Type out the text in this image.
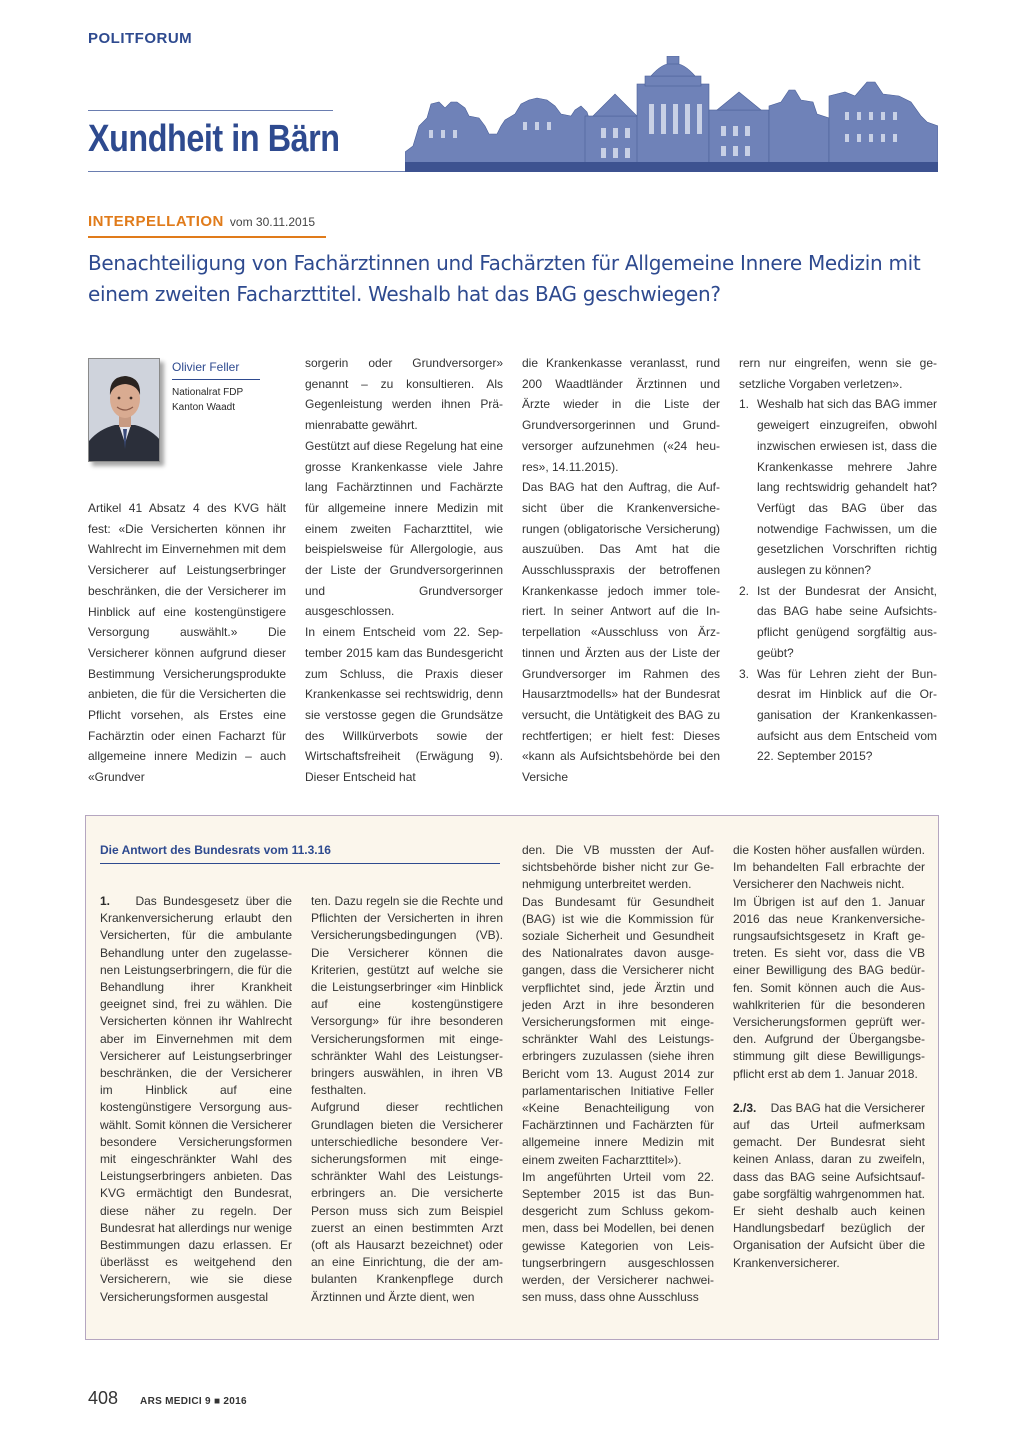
POLITFORUM
Xundheit in Bärn
INTERPELLATION vom 30.11.2015
Benachteiligung von Fachärztinnen und Fachärzten für Allgemeine Innere Medizin mit einem zweiten Facharzttitel. Weshalb hat das BAG geschwiegen?
Olivier Feller
Nationalrat FDP
Kanton Waadt

Artikel 41 Absatz 4 des KVG hält fest: «Die Versicherten können ihr Wahlrecht im Einvernehmen mit dem Versicherer auf Leistungserbringer beschränken, die der Versicherer im Hinblick auf eine kostengünstigere Versorgung auswählt.» Die Versicherer können aufgrund dieser Bestimmung Versicherungsprodukte anbieten, die für die Versicherten die Pflicht vorsehen, als Erstes eine Fachärztin oder einen Facharzt für allgemeine innere Medizin – auch «Grundver

sorgerin oder Grundversorger» genannt – zu konsultieren. Als Gegenleistung werden ihnen Prämienrabatte gewährt.

Gestützt auf diese Regelung hat eine grosse Krankenkasse viele Jahre lang Fachärztinnen und Fachärzte für allgemeine innere Medizin mit einem zweiten Facharzttitel, wie beispielsweise für Allergologie, aus der Liste der Grundversorgerinnen und Grundversorger ausgeschlossen.

In einem Entscheid vom 22. September 2015 kam das Bundesgericht zum Schluss, die Praxis dieser Krankenkasse sei rechtswidrig, denn sie verstosse gegen die Grundsätze des Willkürverbots sowie der Wirtschaftsfreiheit (Erwägung 9). Dieser Entscheid hat

die Krankenkasse veranlasst, rund 200 Waadtländer Ärztinnen und Ärzte wieder in die Liste der Grundversorgerinnen und Grundversorger aufzunehmen («24 heures», 14.11.2015).

Das BAG hat den Auftrag, die Aufsicht über die Krankenversicherungen (obligatorische Versicherung) auszuüben. Das Amt hat die Ausschlusspraxis der betroffenen Krankenkasse jedoch immer toleriert. In seiner Antwort auf die Interpellation «Ausschluss von Ärztinnen und Ärzten aus der Liste der Grundversorger im Rahmen des Hausarztmodells» hat der Bundesrat versucht, die Untätigkeit des BAG zu rechtfertigen; er hielt fest: Dieses «kann als Aufsichtsbehörde bei den Versiche

rern nur eingreifen, wenn sie gesetzliche Vorgaben verletzen».

1. Weshalb hat sich das BAG immer geweigert einzugreifen, obwohl inzwischen erwiesen ist, dass die Krankenkasse mehrere Jahre lang rechtswidrig gehandelt hat? Verfügt das BAG über das notwendige Fachwissen, um die gesetzlichen Vorschriften richtig auslegen zu können?
2. Ist der Bundesrat der Ansicht, das BAG habe seine Aufsichtspflicht genügend sorgfältig ausgeübt?
3. Was für Lehren zieht der Bundesrat im Hinblick auf die Organisation der Krankenkassenaufsicht aus dem Entscheid vom 22. September 2015?
Die Antwort des Bundesrats vom 11.3.16

1. Das Bundesgesetz über die Krankenversicherung erlaubt den Versicherten, für die ambulante Behandlung unter den zugelassenen Leistungserbringern, die für die Behandlung ihrer Krankheit geeignet sind, frei zu wählen. Die Versicherten können ihr Wahlrecht aber im Einvernehmen mit dem Versicherer auf Leistungserbringer beschränken, die der Versicherer im Hinblick auf eine kostengünstigere Versorgung auswählt. Somit können die Versicherer besondere Versicherungsformen mit eingeschränkter Wahl des Leistungserbringers anbieten. Das KVG ermächtigt den Bundesrat, diese näher zu regeln. Der Bundesrat hat allerdings nur wenige Bestimmungen dazu erlassen. Er überlässt es weitgehend den Versicherern, wie sie diese Versicherungsformen ausgestal

ten. Dazu regeln sie die Rechte und Pflichten der Versicherten in ihren Versicherungsbedingungen (VB). Die Versicherer können die Kriterien, gestützt auf welche sie die Leistungserbringer «im Hinblick auf eine kostengünstigere Versorgung» für ihre besonderen Versicherungsformen mit eingeschränkter Wahl des Leistungserbringers auswählen, in ihren VB festhalten.

Aufgrund dieser rechtlichen Grundlagen bieten die Versicherer unterschiedliche besondere Versicherungsformen mit eingeschränkter Wahl des Leistungserbringers an. Die versicherte Person muss sich zum Beispiel zuerst an einen bestimmten Arzt (oft als Hausarzt bezeichnet) oder an eine Einrichtung, die der ambulanten Krankenpflege durch Ärztinnen und Ärzte dient, wen

den. Die VB mussten der Aufsichtsbehörde bisher nicht zur Genehmigung unterbreitet werden.

Das Bundesamt für Gesundheit (BAG) ist wie die Kommission für soziale Sicherheit und Gesundheit des Nationalrates davon ausgegangen, dass die Versicherer nicht verpflichtet sind, jede Ärztin und jeden Arzt in ihre besonderen Versicherungsformen mit eingeschränkter Wahl des Leistungserbringers zuzulassen (siehe ihren Bericht vom 13. August 2014 zur parlamentarischen Initiative Feller «Keine Benachteiligung von Fachärztinnen und Fachärzten für allgemeine innere Medizin mit einem zweiten Facharzttitel»).

Im angeführten Urteil vom 22. September 2015 ist das Bundesgericht zum Schluss gekommen, dass bei Modellen, bei denen gewisse Kategorien von Leistungserbringern ausgeschlossen werden, der Versicherer nachweisen muss, dass ohne Ausschluss

die Kosten höher ausfallen würden. Im behandelten Fall erbrachte der Versicherer den Nachweis nicht.

Im Übrigen ist auf den 1. Januar 2016 das neue Krankenversicherungsaufsichtsgesetz in Kraft getreten. Es sieht vor, dass die VB einer Bewilligung des BAG bedürfen. Somit können auch die Auswahlkriterien für die besonderen Versicherungsformen geprüft werden. Aufgrund der Übergangsbestimmung gilt diese Bewilligungspflicht erst ab dem 1. Januar 2018.

2./3. Das BAG hat die Versicherer auf das Urteil aufmerksam gemacht. Der Bundesrat sieht keinen Anlass, daran zu zweifeln, dass das BAG seine Aufsichtsaufgabe sorgfältig wahrgenommen hat. Er sieht deshalb auch keinen Handlungsbedarf bezüglich der Organisation der Aufsicht über die Krankenversicherer.

408 ARS MEDICI 9 ■ 2016
